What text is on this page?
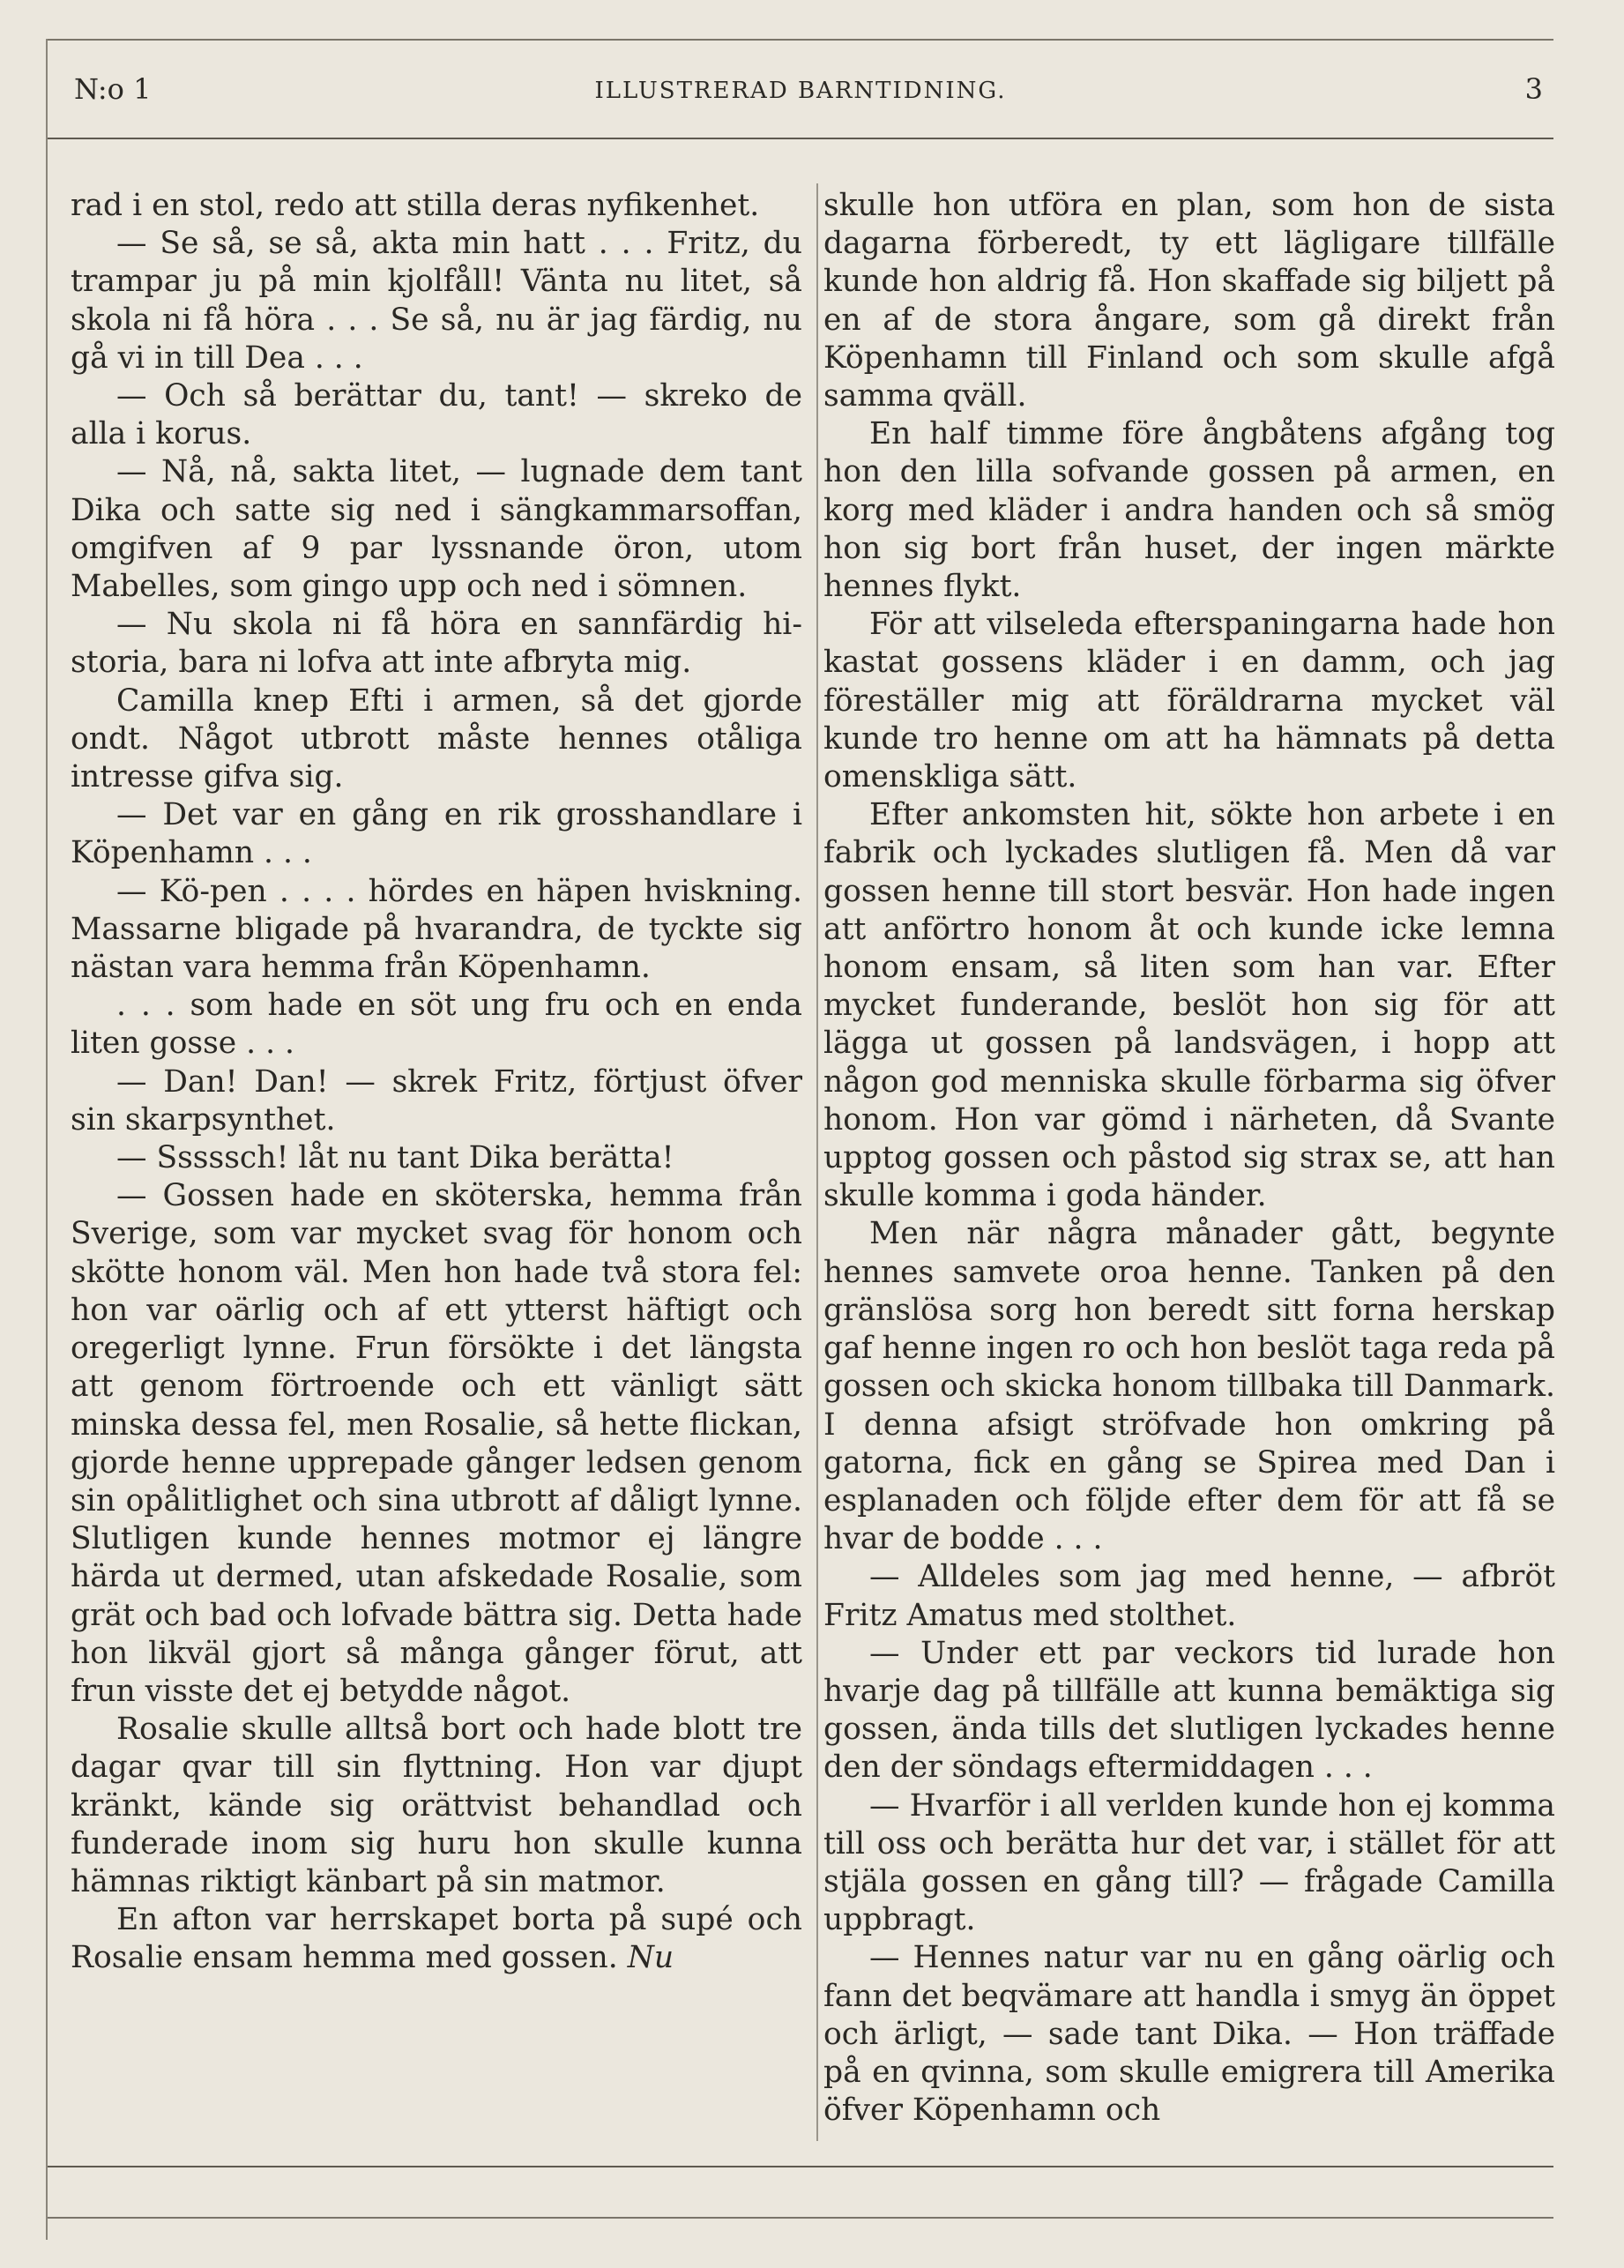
N:o 1	ILLUSTRERAD BARNTIDNING.	3

rad i en stol, redo att stilla deras nyfikenhet.

— Se så, se så, akta min hatt . . . Fritz, du trampar ju på min kjolfåll! Vänta nu litet, så skola ni få höra . . . Se så, nu är jag färdig, nu gå vi in till Dea . . .

— Och så berättar du, tant! — skreko de alla i korus.

— Nå, nå, sakta litet, — lugnade dem tant Dika och satte sig ned i sängkammarsoffan, omgifven af 9 par lyssnande öron, utom Mabelles, som gingo upp och ned i sömnen.

— Nu skola ni få höra en sannfärdig historia, bara ni lofva att inte afbryta mig.

Camilla knep Efti i armen, så det gjorde ondt. Något utbrott måste hennes otåliga intresse gifva sig.

— Det var en gång en rik grosshandlare i Köpenhamn . . .

— Kö-pen . . . . hördes en häpen hviskning. Massarne bligade på hvarandra, de tyckte sig nästan vara hemma från Köpenhamn.

. . . som hade en söt ung fru och en enda liten gosse . . .

— Dan! Dan! — skrek Fritz, förtjust öfver sin skarpsynthet.

— Sssssch! låt nu tant Dika berätta!

— Gossen hade en sköterska, hemma från Sverige, som var mycket svag för honom och skötte honom väl. Men hon hade två stora fel: hon var oärlig och af ett ytterst häftigt och oregerligt lynne. Frun försökte i det längsta att genom förtroende och ett vänligt sätt minska dessa fel, men Rosalie, så hette flickan, gjorde henne upprepade gånger ledsen genom sin opålitlighet och sina utbrott af dåligt lynne. Slutligen kunde hennes motmor ej längre härda ut dermed, utan afskedade Rosalie, som grät och bad och lofvade bättra sig. Detta hade hon likväl gjort så många gånger förut, att frun visste det ej betydde något.

Rosalie skulle alltså bort och hade blott tre dagar qvar till sin flyttning. Hon var djupt kränkt, kände sig orättvist behandlad och funderade inom sig huru hon skulle kunna hämnas riktigt känbart på sin matmor.

En afton var herrskapet borta på supé och Rosalie ensam hemma med gossen. Nu

skulle hon utföra en plan, som hon de sista dagarna förberedt, ty ett lägligare tillfälle kunde hon aldrig få. Hon skaffade sig biljett på en af de stora ångare, som gå direkt från Köpenhamn till Finland och som skulle afgå samma qväll.

En half timme före ångbåtens afgång tog hon den lilla sofvande gossen på armen, en korg med kläder i andra handen och så smög hon sig bort från huset, der ingen märkte hennes flykt.

För att vilseleda efterspaningarna hade hon kastat gossens kläder i en damm, och jag föreställer mig att föräldrarna mycket väl kunde tro henne om att ha hämnats på detta omenskliga sätt.

Efter ankomsten hit, sökte hon arbete i en fabrik och lyckades slutligen få. Men då var gossen henne till stort besvär. Hon hade ingen att anförtro honom åt och kunde icke lemna honom ensam, så liten som han var. Efter mycket funderande, beslöt hon sig för att lägga ut gossen på landsvägen, i hopp att någon god menniska skulle förbarma sig öfver honom. Hon var gömd i närheten, då Svante upptog gossen och påstod sig strax se, att han skulle komma i goda händer.

Men när några månader gått, begynte hennes samvete oroa henne. Tanken på den gränslösa sorg hon beredt sitt forna herskap gaf henne ingen ro och hon beslöt taga reda på gossen och skicka honom tillbaka till Danmark. I denna afsigt ströfvade hon omkring på gatorna, fick en gång se Spirea med Dan i esplanaden och följde efter dem för att få se hvar de bodde . . .

— Alldeles som jag med henne, — afbröt Fritz Amatus med stolthet.

— Under ett par veckors tid lurade hon hvarje dag på tillfälle att kunna bemäktiga sig gossen, ända tills det slutligen lyckades henne den der söndags eftermiddagen . . .

— Hvarför i all verlden kunde hon ej komma till oss och berätta hur det var, i stället för att stjäla gossen en gång till? — frågade Camilla uppbragt.

— Hennes natur var nu en gång oärlig och fann det beqvämare att handla i smyg än öppet och ärligt, — sade tant Dika. — Hon träffade på en qvinna, som skulle emigrera till Amerika öfver Köpenhamn och
